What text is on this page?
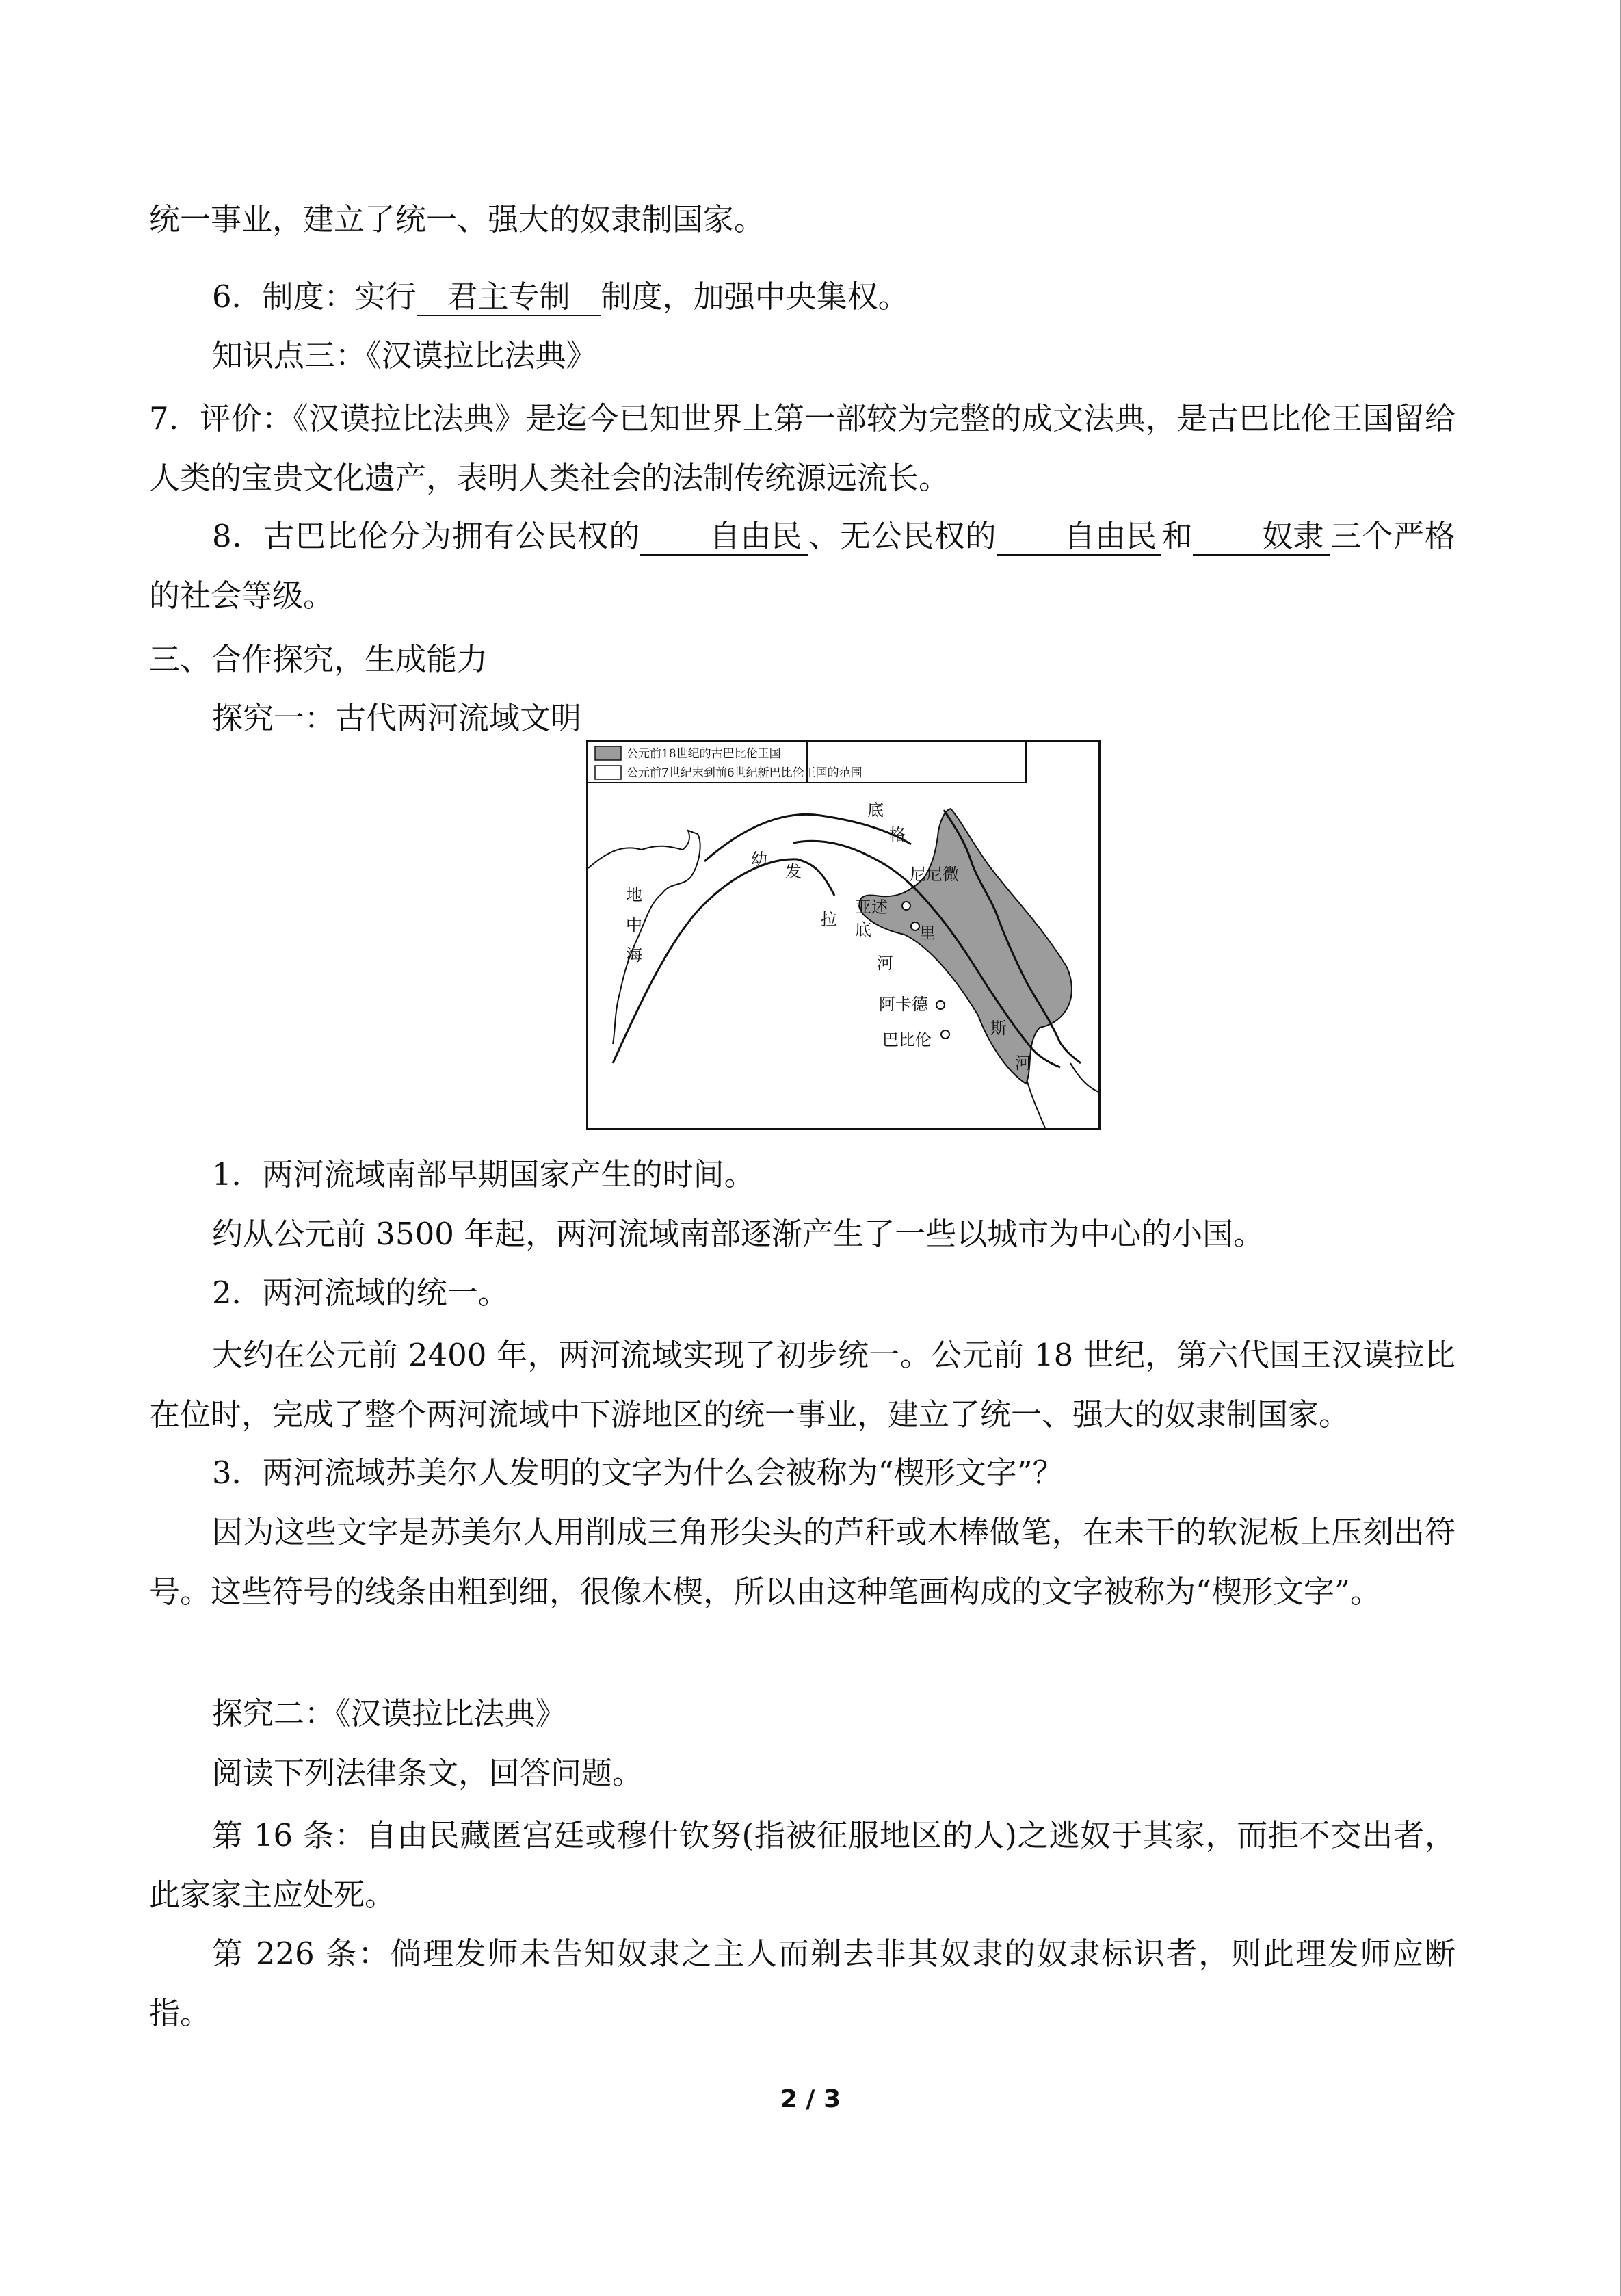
统一事业，建立了统一、强大的奴隶制国家。

6．制度：实行 君主专制 制度，加强中央集权。

知识点三：《汉谟拉比法典》

7．评价：《汉谟拉比法典》是迄今已知世界上第一部较为完整的成文法典，是古巴比伦王国留给人类的宝贵文化遗产，表明人类社会的法制传统源远流长。

8．古巴比伦分为拥有公民权的 自由民 、无公民权的 自由民 和 奴隶 三个严格的社会等级。

三、合作探究，生成能力

探究一：古代两河流域文明

公元前18世纪的古巴比伦王国
公元前7世纪末到前6世纪新巴比伦王国的范围
地
中
海
幼
发
拉
底
河
底
格
里
斯
河
尼尼微
亚述
阿卡德
巴比伦

1．两河流域南部早期国家产生的时间。

约从公元前 3500 年起，两河流域南部逐渐产生了一些以城市为中心的小国。

2．两河流域的统一。

大约在公元前 2400 年，两河流域实现了初步统一。公元前 18 世纪，第六代国王汉谟拉比在位时，完成了整个两河流域中下游地区的统一事业，建立了统一、强大的奴隶制国家。

3．两河流域苏美尔人发明的文字为什么会被称为“楔形文字”？

因为这些文字是苏美尔人用削成三角形尖头的芦秆或木棒做笔，在未干的软泥板上压刻出符号。这些符号的线条由粗到细，很像木楔，所以由这种笔画构成的文字被称为“楔形文字”。

探究二：《汉谟拉比法典》

阅读下列法律条文，回答问题。

第 16 条：自由民藏匿宫廷或穆什钦努(指被征服地区的人)之逃奴于其家，而拒不交出者，此家家主应处死。

第 226 条：倘理发师未告知奴隶之主人而剃去非其奴隶的奴隶标识者，则此理发师应断指。

2 / 3
